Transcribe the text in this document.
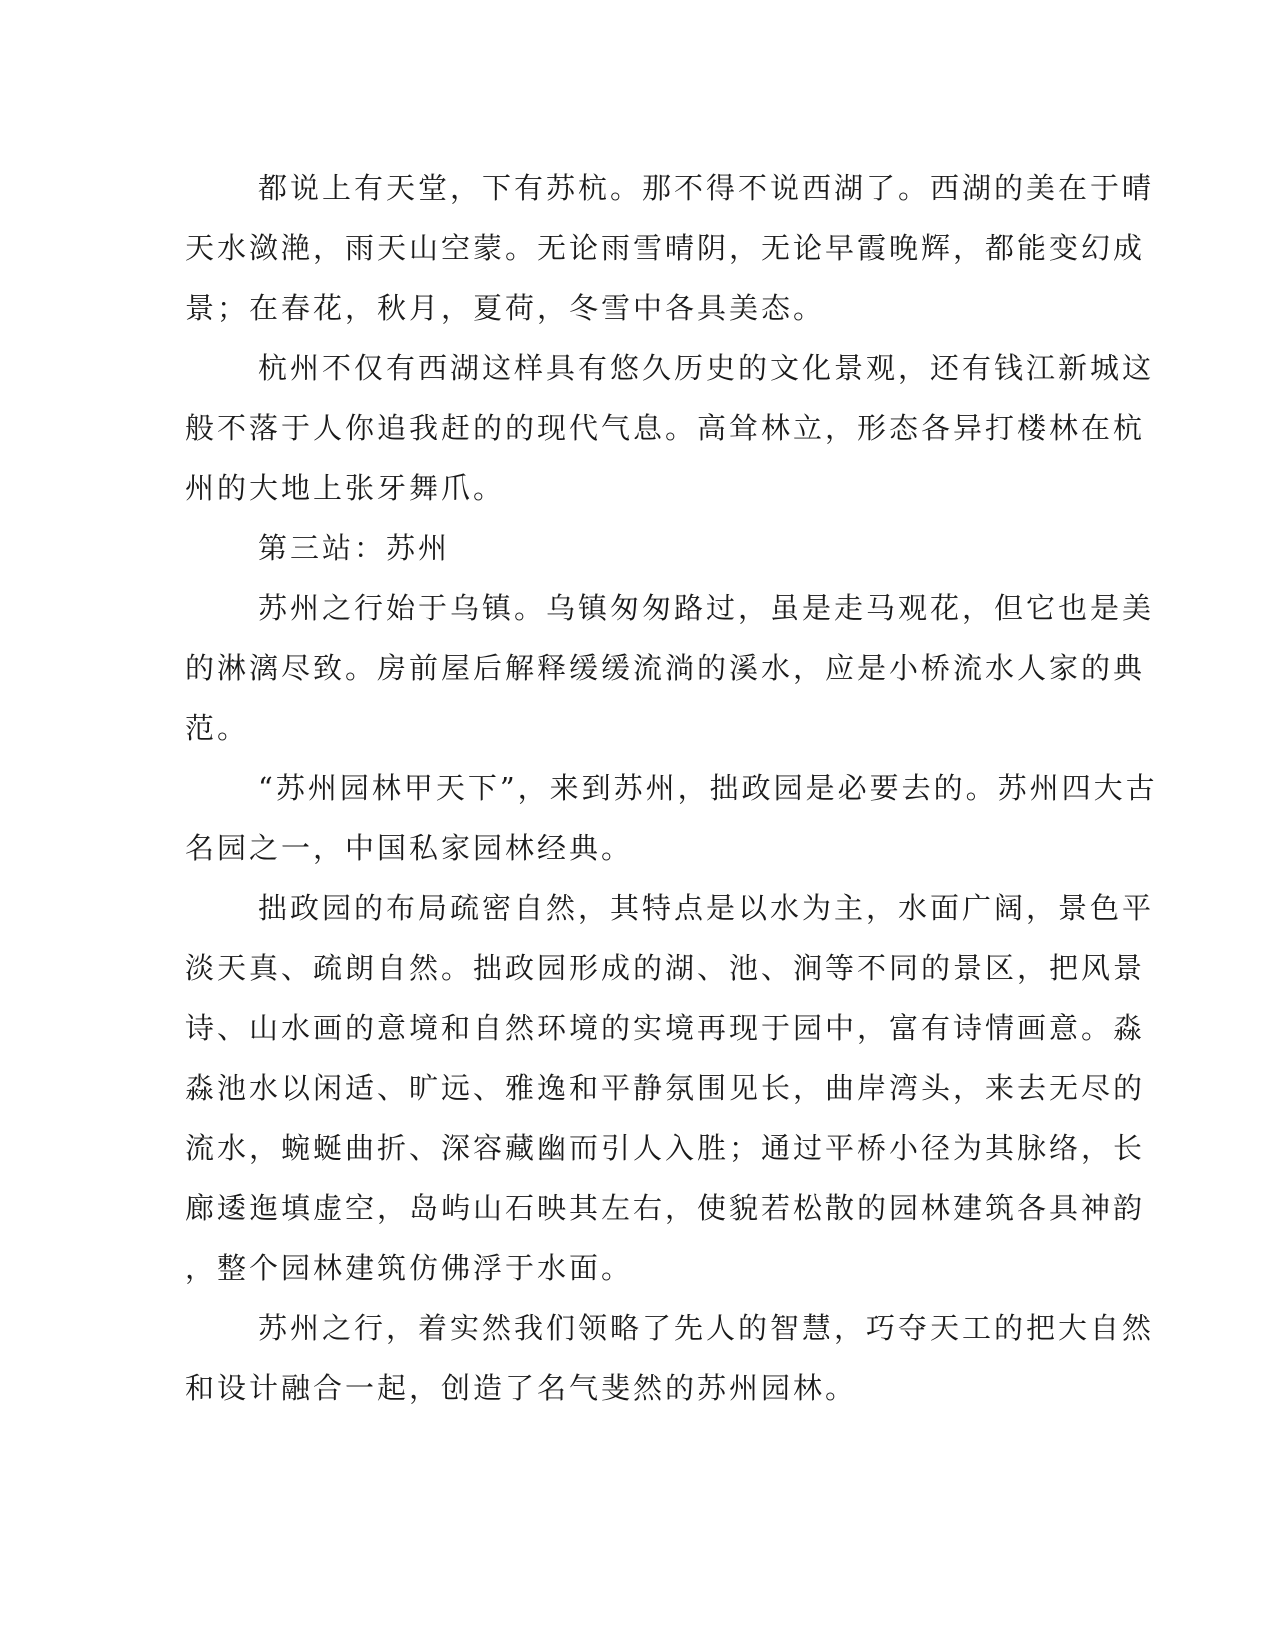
都说上有天堂，下有苏杭。那不得不说西湖了。西湖的美在于晴

天水潋滟，雨天山空蒙。无论雨雪晴阴，无论早霞晚辉，都能变幻成

景；在春花，秋月，夏荷，冬雪中各具美态。

杭州不仅有西湖这样具有悠久历史的文化景观，还有钱江新城这

般不落于人你追我赶的的现代气息。高耸林立，形态各异打楼林在杭

州的大地上张牙舞爪。

第三站：苏州

苏州之行始于乌镇。乌镇匆匆路过，虽是走马观花，但它也是美

的淋漓尽致。房前屋后解释缓缓流淌的溪水，应是小桥流水人家的典

范。

“苏州园林甲天下”，来到苏州，拙政园是必要去的。苏州四大古

名园之一，中国私家园林经典。

拙政园的布局疏密自然，其特点是以水为主，水面广阔，景色平

淡天真、疏朗自然。拙政园形成的湖、池、涧等不同的景区，把风景

诗、山水画的意境和自然环境的实境再现于园中，富有诗情画意。淼

淼池水以闲适、旷远、雅逸和平静氛围见长，曲岸湾头，来去无尽的

流水，蜿蜒曲折、深容藏幽而引人入胜；通过平桥小径为其脉络，长

廊逶迤填虚空，岛屿山石映其左右，使貌若松散的园林建筑各具神韵

，整个园林建筑仿佛浮于水面。

苏州之行，着实然我们领略了先人的智慧，巧夺天工的把大自然

和设计融合一起，创造了名气斐然的苏州园林。
